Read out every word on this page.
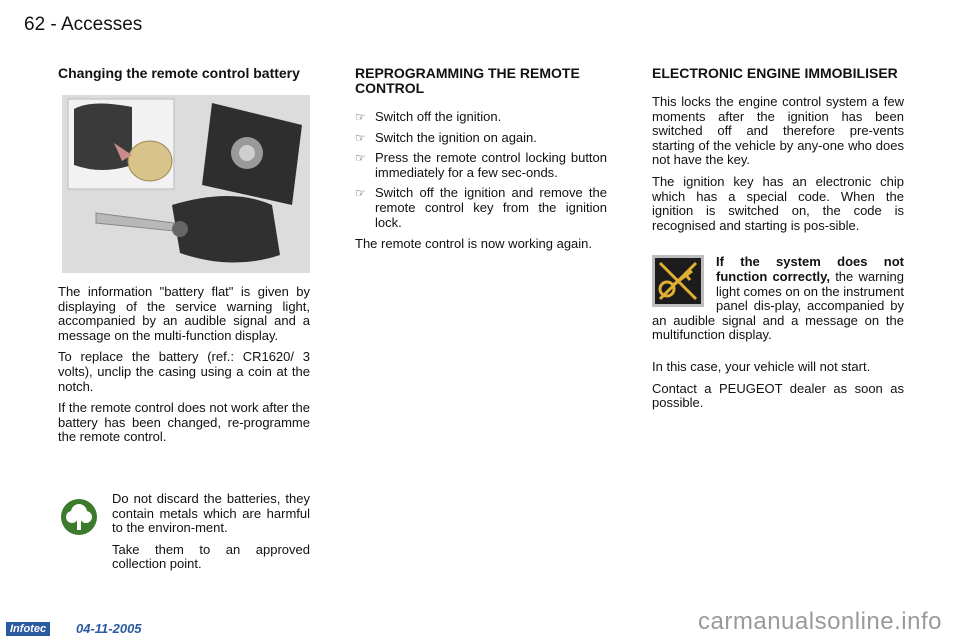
62 - Accesses
Changing the remote control battery

The information "battery flat" is given by displaying of the service warning light, accompanied by an audible signal and a message on the multi-function display.

To replace the battery (ref.: CR1620/ 3 volts), unclip the casing using a coin at the notch.

If the remote control does not work after the battery has been changed, re-programme the remote control.

Do not discard the batteries, they contain metals which are harmful to the environ-ment.

Take them to an approved collection point.

REPROGRAMMING THE REMOTE CONTROL
☞ Switch off the ignition.
☞ Switch the ignition on again.
☞ Press the remote control locking button immediately for a few sec-onds.
☞ Switch off the ignition and remove the remote control key from the ignition lock.

The remote control is now working again.

ELECTRONIC ENGINE IMMOBILISER

This locks the engine control system a few moments after the ignition has been switched off and therefore pre-vents starting of the vehicle by any-one who does not have the key.

The ignition key has an electronic chip which has a special code. When the ignition is switched on, the code is recognised and starting is pos-sible.

If the system does not function correctly, the warning light comes on on the instrument panel dis-play, accompanied by an audible signal and a message on the multifunction display.

In this case, your vehicle will not start.

Contact a PEUGEOT dealer as soon as possible.

Infotec	04-11-2005	carmanualsonline.info
